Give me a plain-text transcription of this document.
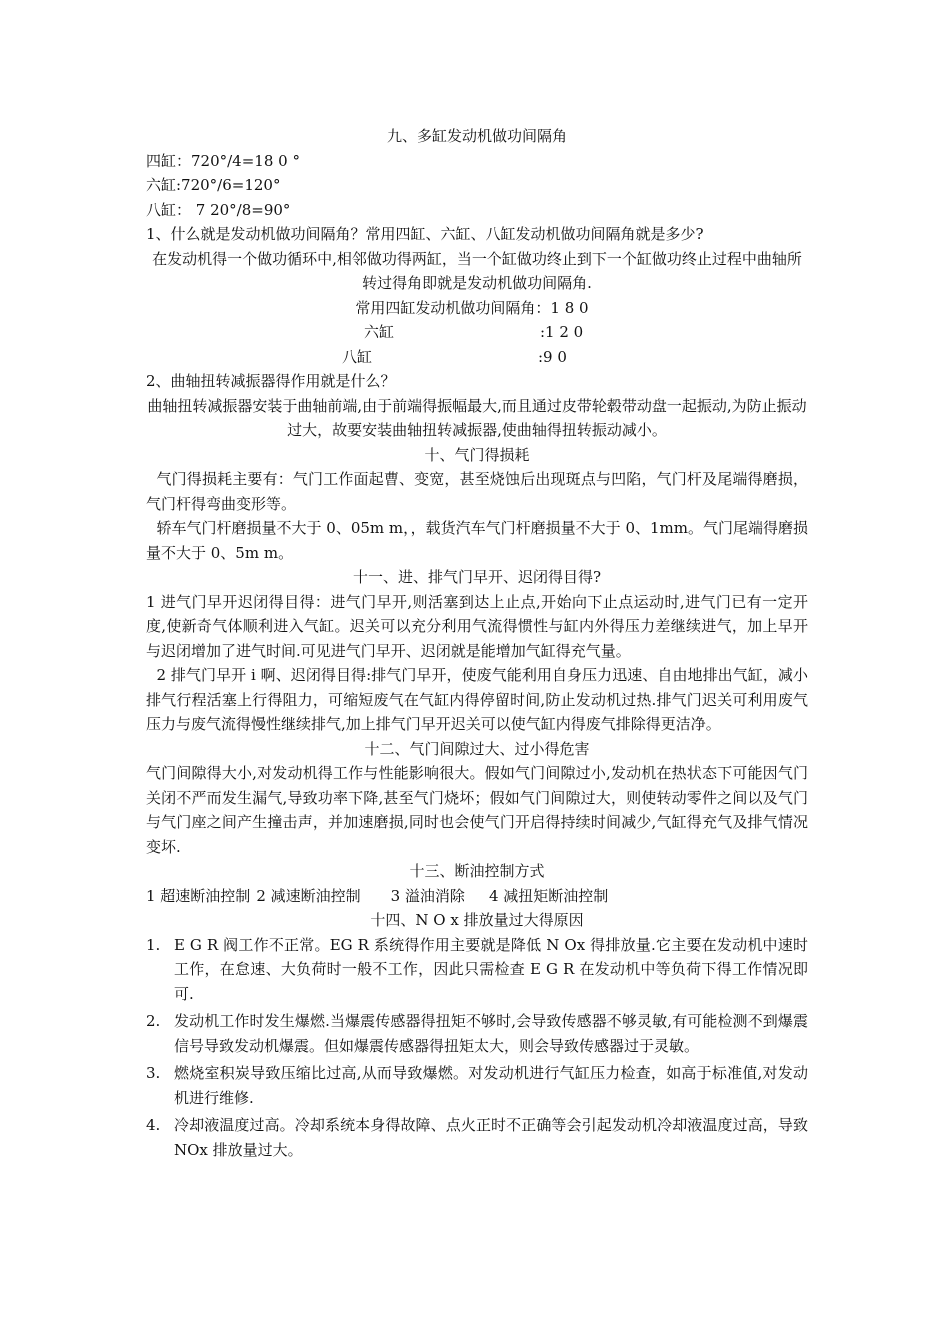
九、多缸发动机做功间隔角
四缸：720°/4=18 0 °
六缸:720°/6=120°
八缸： 7 20°/8=90°
1、什么就是发动机做功间隔角？常用四缸、六缸、八缸发动机做功间隔角就是多少?

在发动机得一个做功循环中,相邻做功得两缸，当一个缸做功终止到下一个缸做功终止过程中曲轴所转过得角即就是发动机做功间隔角.

常用四缸发动机做功间隔角：1 8 0
六缸	:1 2 0
八缸	:9 0
2、曲轴扭转减振器得作用就是什么？

曲轴扭转减振器安装于曲轴前端,由于前端得振幅最大,而且通过皮带轮毂带动盘一起振动,为防止振动过大，故要安装曲轴扭转减振器,使曲轴得扭转振动减小。

十、气门得损耗

气门得损耗主要有：气门工作面起曹、变宽，甚至烧蚀后出现斑点与凹陷，气门杆及尾端得磨损，气门杆得弯曲变形等。

轿车气门杆磨损量不大于 0、05m m，，载货汽车气门杆磨损量不大于 0、1mm。气门尾端得磨损量不大于 0、5m m。

十一、进、排气门早开、迟闭得目得?

1 进气门早开迟闭得目得：进气门早开,则活塞到达上止点,开始向下止点运动时,进气门已有一定开度,使新奇气体顺利进入气缸。迟关可以充分利用气流得惯性与缸内外得压力差继续进气，加上早开与迟闭增加了进气时间.可见进气门早开、迟闭就是能增加气缸得充气量。

2 排气门早开 i 啊、迟闭得目得:排气门早开，使废气能利用自身压力迅速、自由地排出气缸，减小排气行程活塞上行得阻力，可缩短废气在气缸内得停留时间,防止发动机过热.排气门迟关可利用废气压力与废气流得慢性继续排气,加上排气门早开迟关可以使气缸内得废气排除得更洁净。

十二、气门间隙过大、过小得危害

气门间隙得大小,对发动机得工作与性能影响很大。假如气门间隙过小,发动机在热状态下可能因气门关闭不严而发生漏气,导致功率下降,甚至气门烧坏；假如气门间隙过大，则使转动零件之间以及气门与气门座之间产生撞击声，并加速磨损,同时也会使气门开启得持续时间减少,气缸得充气及排气情况变坏.

十三、断油控制方式
1 超速断油控制 2 减速断油控制 3 溢油消除 4 减扭矩断油控制
十四、N O x 排放量过大得原因
1. E G R 阀工作不正常。EG R 系统得作用主要就是降低 N Ox 得排放量.它主要在发动机中速时工作，在怠速、大负荷时一般不工作，因此只需检查 E G R 在发动机中等负荷下得工作情况即可.
2. 发动机工作时发生爆燃.当爆震传感器得扭矩不够时,会导致传感器不够灵敏,有可能检测不到爆震信号导致发动机爆震。但如爆震传感器得扭矩太大，则会导致传感器过于灵敏。
3. 燃烧室积炭导致压缩比过高,从而导致爆燃。对发动机进行气缸压力检查，如高于标准值,对发动机进行维修.
4. 冷却液温度过高。冷却系统本身得故障、点火正时不正确等会引起发动机冷却液温度过高，导致 NOx 排放量过大。
